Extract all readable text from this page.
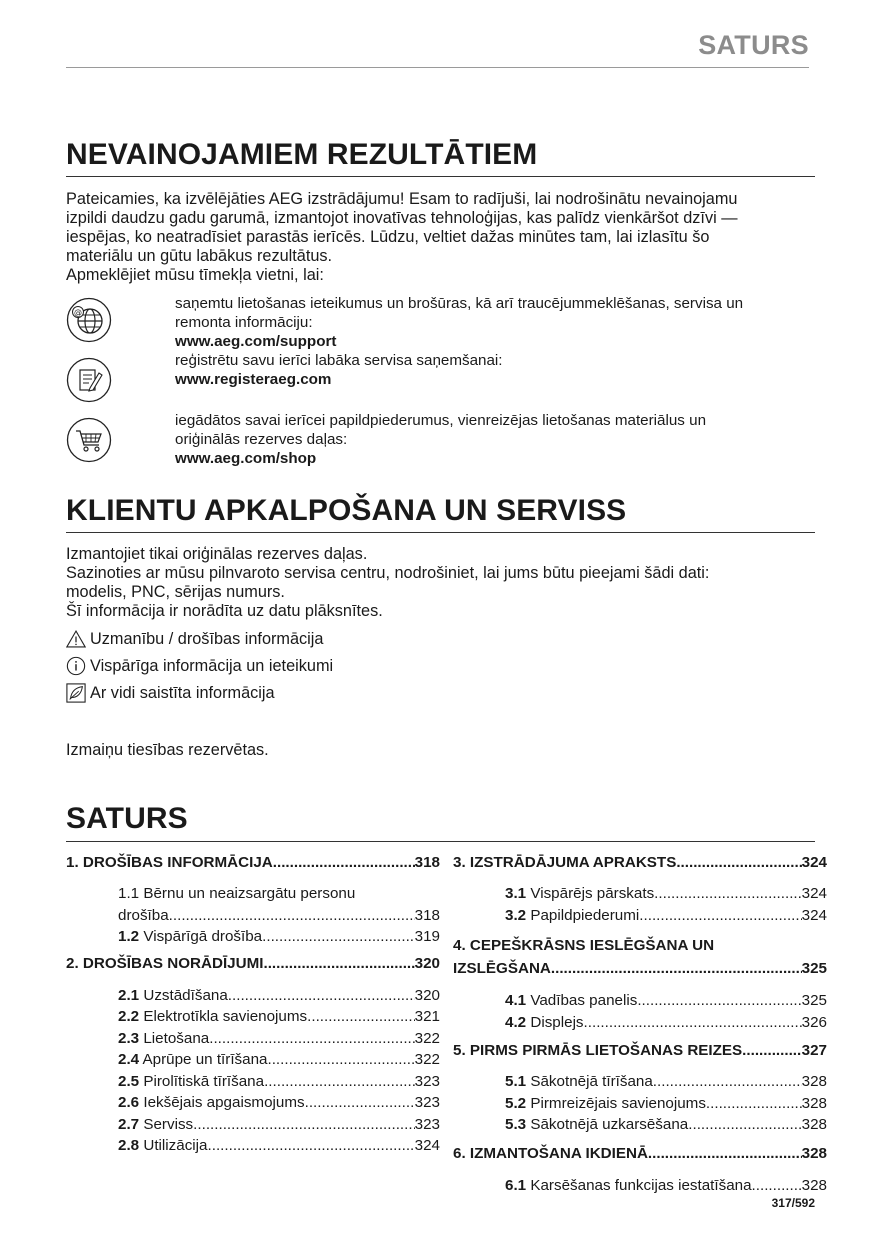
SATURS
NEVAINOJAMIEM REZULTĀTIEM
Pateicamies, ka izvēlējāties AEG izstrādājumu! Esam to radījuši, lai nodrošinātu nevainojamu
izpildi daudzu gadu garumā, izmantojot inovatīvas tehnoloģijas, kas palīdz vienkāršot dzīvi —
iespējas, ko neatradīsiet parastās ierīcēs. Lūdzu, veltiet dažas minūtes tam, lai izlasītu šo
materiālu un gūtu labākus rezultātus.
Apmeklējiet mūsu tīmekļa vietni, lai:
@
saņemtu lietošanas ieteikumus un brošūras, kā arī traucējummeklēšanas, servisa un
remonta informāciju:
www.aeg.com/support
reģistrētu savu ierīci labāka servisa saņemšanai:
www.registeraeg.com
iegādātos savai ierīcei papildpiederumus, vienreizējas lietošanas materiālus un
oriģinālās rezerves daļas:
www.aeg.com/shop
KLIENTU APKALPOŠANA UN SERVISS
Izmantojiet tikai oriģinālas rezerves daļas.
Sazinoties ar mūsu pilnvaroto servisa centru, nodrošiniet, lai jums būtu pieejami šādi dati:
modelis, PNC, sērijas numurs.
Šī informācija ir norādīta uz datu plāksnītes.
Uzmanību / drošības informācija
Vispārīga informācija un ieteikumi
Ar vidi saistīta informācija
Izmaiņu tiesības rezervētas.
SATURS
1. DROŠĪBAS INFORMĀCIJA .....	318
1.1 Bērnu un neaizsargātu personu
drošība .....	318
1.2 Vispārīgā drošība .....	319
2. DROŠĪBAS NORĀDĪJUMI .....	320
2.1 Uzstādīšana .....	320
2.2 Elektrotīkla savienojums .....	321
2.3 Lietošana .....	322
2.4 Aprūpe un tīrīšana .....	322
2.5 Pirolītiskā tīrīšana .....	323
2.6 Iekšējais apgaismojums .....	323
2.7 Serviss .....	323
2.8 Utilizācija .....	324
3. IZSTRĀDĀJUMA APRAKSTS .....	324
3.1 Vispārējs pārskats .....	324
3.2 Papildpiederumi .....	324
4. CEPEŠKRĀSNS IESLĒGŠANA UN
IZSLĒGŠANA .....	325
4.1 Vadības panelis .....	325
4.2 Displejs .....	326
5. PIRMS PIRMĀS LIETOŠANAS REIZES .....	327
5.1 Sākotnējā tīrīšana .....	328
5.2 Pirmreizējais savienojums .....	328
5.3 Sākotnējā uzkarsēšana .....	328
6. IZMANTOŠANA IKDIENĀ .....	328
6.1 Karsēšanas funkcijas iestatīšana .....	328
317/592
